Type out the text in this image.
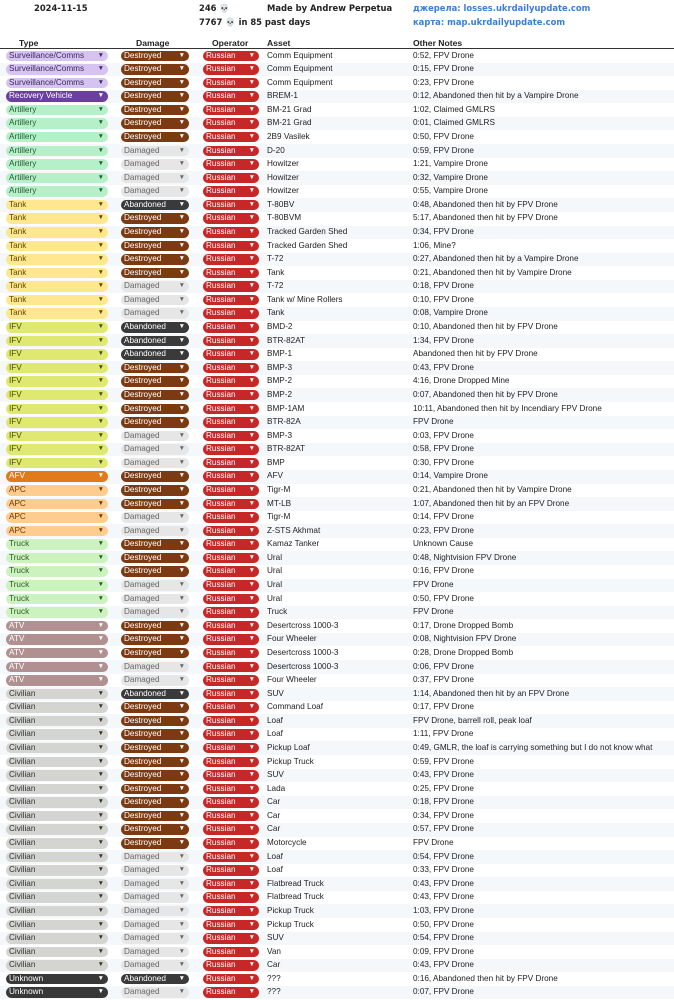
2024-11-15	246 💀	Made by Andrew Perpetua
7767 💀 in 85 past days
джерела: losses.ukrdailyupdate.com
карта: map.ukrdailyupdate.com
Type	Damage	Operator Asset	Other Notes
Surveillance/Comms ▼	Destroyed	▼	Russian ▼ Comm Equipment	0:52, FPV Drone
Surveillance/Comms ▼	Destroyed	▼	Russian ▼ Comm Equipment	0:15, FPV Drone
Surveillance/Comms ▼	Destroyed	▼	Russian ▼ Comm Equipment	0:23, FPV Drone
Recovery Vehicle	▼	Destroyed	▼	Russian ▼ BREM-1	0:12, Abandoned then hit by a Vampire Drone
Artillery	▼	Destroyed	▼	Russian ▼ BM-21 Grad	1:02, Claimed GMLRS
Artillery	▼	Destroyed	▼	Russian ▼ BM-21 Grad	0:01, Claimed GMLRS
Artillery	▼	Destroyed	▼	Russian ▼ 2B9 Vasilek	0:50, FPV Drone
Artillery	▼	Damaged	▼	Russian ▼ D-20	0:59, FPV Drone
Artillery	▼	Damaged	▼	Russian ▼ Howitzer	1:21, Vampire Drone
Artillery	▼	Damaged	▼	Russian ▼ Howitzer	0:32, Vampire Drone
Artillery	▼	Damaged	▼	Russian ▼ Howitzer	0:55, Vampire Drone
Tank	▼	Abandoned ▼	Russian ▼ T-80BV	0:48, Abandoned then hit by FPV Drone
Tank	▼	Destroyed	▼	Russian ▼ T-80BVM	5:17, Abandoned then hit by FPV Drone
Tank	▼	Destroyed	▼	Russian ▼ Tracked Garden Shed	0:34, FPV Drone
Tank	▼	Destroyed	▼	Russian ▼ Tracked Garden Shed	1:06, Mine?
Tank	▼	Destroyed	▼	Russian ▼ T-72	0:27, Abandoned then hit by a Vampire Drone
Tank	▼	Destroyed	▼	Russian ▼ Tank	0:21, Abandoned then hit by Vampire Drone
Tank	▼	Damaged	▼	Russian ▼ T-72	0:18, FPV Drone
Tank	▼	Damaged	▼	Russian ▼ Tank w/ Mine Rollers	0:10, FPV Drone
Tank	▼	Damaged	▼	Russian ▼ Tank	0:08, Vampire Drone
IFV	▼	Abandoned ▼	Russian ▼ BMD-2	0:10, Abandoned then hit by FPV Drone
IFV	▼	Abandoned ▼	Russian ▼ BTR-82AT	1:34, FPV Drone
IFV	▼	Abandoned ▼	Russian ▼ BMP-1	Abandoned then hit by FPV Drone
IFV	▼	Destroyed	▼	Russian ▼ BMP-3	0:43, FPV Drone
IFV	▼	Destroyed	▼	Russian ▼ BMP-2	4:16, Drone Dropped Mine
IFV	▼	Destroyed	▼	Russian ▼ BMP-2	0:07, Abandoned then hit by FPV Drone
IFV	▼	Destroyed	▼	Russian ▼ BMP-1AM	10:11, Abandoned then hit by Incendiary FPV Drone
IFV	▼	Destroyed	▼	Russian ▼ BTR-82A	FPV Drone
IFV	▼	Damaged	▼	Russian ▼ BMP-3	0:03, FPV Drone
IFV	▼	Damaged	▼	Russian ▼ BTR-82AT	0:58, FPV Drone
IFV	▼	Damaged	▼	Russian ▼ BMP	0:30, FPV Drone
AFV	▼	Destroyed	▼	Russian ▼ AFV	0:14, Vampire Drone
APC	▼	Destroyed	▼	Russian ▼ Tigr-M	0:21, Abandoned then hit by Vampire Drone
APC	▼	Destroyed	▼	Russian ▼ MT-LB	1:07, Abandoned then hit by an FPV Drone
APC	▼	Damaged	▼	Russian ▼ Tigr-M	0:14, FPV Drone
APC	▼	Damaged	▼	Russian ▼ Z-STS Akhmat	0:23, FPV Drone
Truck	▼	Destroyed	▼	Russian ▼ Kamaz Tanker	Unknown Cause
Truck	▼	Destroyed	▼	Russian ▼ Ural	0:48, Nightvision FPV Drone
Truck	▼	Destroyed	▼	Russian ▼ Ural	0:16, FPV Drone
Truck	▼	Damaged	▼	Russian ▼ Ural	FPV Drone
Truck	▼	Damaged	▼	Russian ▼ Ural	0:50, FPV Drone
Truck	▼	Damaged	▼	Russian ▼ Truck	FPV Drone
ATV	▼	Destroyed	▼	Russian ▼ Desertcross 1000-3	0:17, Drone Dropped Bomb
ATV	▼	Destroyed	▼	Russian ▼ Four Wheeler	0:08, Nightvision FPV Drone
ATV	▼	Destroyed	▼	Russian ▼ Desertcross 1000-3	0:28, Drone Dropped Bomb
ATV	▼	Damaged	▼	Russian ▼ Desertcross 1000-3	0:06, FPV Drone
ATV	▼	Damaged	▼	Russian ▼ Four Wheeler	0:37, FPV Drone
Civilian	▼	Abandoned ▼	Russian ▼ SUV	1:14, Abandoned then hit by an FPV Drone
Civilian	▼	Destroyed	▼	Russian ▼ Command Loaf	0:17, FPV Drone
Civilian	▼	Destroyed	▼	Russian ▼ Loaf	FPV Drone, barrell roll, peak loaf
Civilian	▼	Destroyed	▼	Russian ▼ Loaf	1:11, FPV Drone
Civilian	▼	Destroyed	▼	Russian ▼ Pickup Loaf	0:49, GMLR, the loaf is carrying something but I do not know what
Civilian	▼	Destroyed	▼	Russian ▼ Pickup Truck	0:59, FPV Drone
Civilian	▼	Destroyed	▼	Russian ▼ SUV	0:43, FPV Drone
Civilian	▼	Destroyed	▼	Russian ▼ Lada	0:25, FPV Drone
Civilian	▼	Destroyed	▼	Russian ▼ Car	0:18, FPV Drone
Civilian	▼	Destroyed	▼	Russian ▼ Car	0:34, FPV Drone
Civilian	▼	Destroyed	▼	Russian ▼ Car	0:57, FPV Drone
Civilian	▼	Destroyed	▼	Russian ▼ Motorcycle	FPV Drone
Civilian	▼	Damaged	▼	Russian ▼ Loaf	0:54, FPV Drone
Civilian	▼	Damaged	▼	Russian ▼ Loaf	0:33, FPV Drone
Civilian	▼	Damaged	▼	Russian ▼ Flatbread Truck	0:43, FPV Drone
Civilian	▼	Damaged	▼	Russian ▼ Flatbread Truck	0:43, FPV Drone
Civilian	▼	Damaged	▼	Russian ▼ Pickup Truck	1:03, FPV Drone
Civilian	▼	Damaged	▼	Russian ▼ Pickup Truck	0:50, FPV Drone
Civilian	▼	Damaged	▼	Russian ▼ SUV	0:54, FPV Drone
Civilian	▼	Damaged	▼	Russian ▼ Van	0:09, FPV Drone
Civilian	▼	Damaged	▼	Russian ▼ Car	0:43, FPV Drone
Unknown	▼	Abandoned ▼	Russian ▼ ???	0:16, Abandoned then hit by FPV Drone
Unknown	▼	Damaged	▼	Russian ▼ ???	0:07, FPV Drone
